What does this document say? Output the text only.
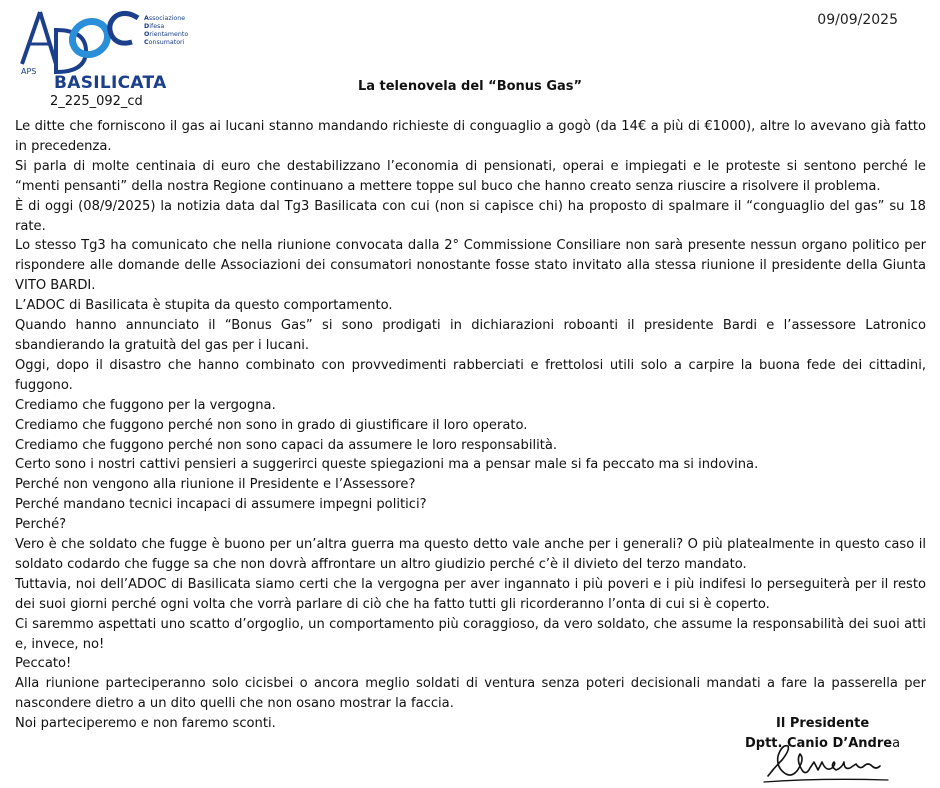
Associazione
Difesa
Orientamento
Consumatori
APS
BASILICATA
2_225_092_cd
09/09/2025
La telenovela del “Bonus Gas”

Le ditte che forniscono il gas ai lucani stanno mandando richieste di conguaglio a gogò (da 14€ a più di €1000), altre lo avevano già fatto in precedenza.

Si parla di molte centinaia di euro che destabilizzano l’economia di pensionati, operai e impiegati e le proteste si sentono perché le “menti pensanti” della nostra Regione continuano a mettere toppe sul buco che hanno creato senza riuscire a risolvere il problema.

È di oggi (08/9/2025) la notizia data dal Tg3 Basilicata con cui (non si capisce chi) ha proposto di spalmare il “conguaglio del gas” su 18 rate.

Lo stesso Tg3 ha comunicato che nella riunione convocata dalla 2° Commissione Consiliare non sarà presente nessun organo politico per rispondere alle domande delle Associazioni dei consumatori nonostante fosse stato invitato alla stessa riunione il presidente della Giunta VITO BARDI.

L’ADOC di Basilicata è stupita da questo comportamento.

Quando hanno annunciato il “Bonus Gas” si sono prodigati in dichiarazioni roboanti il presidente Bardi e l’assessore Latronico sbandierando la gratuità del gas per i lucani.

Oggi, dopo il disastro che hanno combinato con provvedimenti rabberciati e frettolosi utili solo a carpire la buona fede dei cittadini, fuggono.

Crediamo che fuggono per la vergogna.

Crediamo che fuggono perché non sono in grado di giustificare il loro operato.

Crediamo che fuggono perché non sono capaci da assumere le loro responsabilità.

Certo sono i nostri cattivi pensieri a suggerirci queste spiegazioni ma a pensar male si fa peccato ma si indovina.

Perché non vengono alla riunione il Presidente e l’Assessore?

Perché mandano tecnici incapaci di assumere impegni politici?

Perché?

Vero è che soldato che fugge è buono per un’altra guerra ma questo detto vale anche per i generali? O più platealmente in questo caso il soldato codardo che fugge sa che non dovrà affrontare un altro giudizio perché c’è il divieto del terzo mandato.

Tuttavia, noi dell’ADOC di Basilicata siamo certi che la vergogna per aver ingannato i più poveri e i più indifesi lo perseguiterà per il resto dei suoi giorni perché ogni volta che vorrà parlare di ciò che ha fatto tutti gli ricorderanno l’onta di cui si è coperto.

Ci saremmo aspettati uno scatto d’orgoglio, un comportamento più coraggioso, da vero soldato, che assume la responsabilità dei suoi atti e, invece, no!

Peccato!

Alla riunione parteciperanno solo cicisbei o ancora meglio soldati di ventura senza poteri decisionali mandati a fare la passerella per nascondere dietro a un dito quelli che non osano mostrar la faccia.

Noi parteciperemo e non faremo sconti.	Il Presidente
Dptt. Canio D’Andrea
